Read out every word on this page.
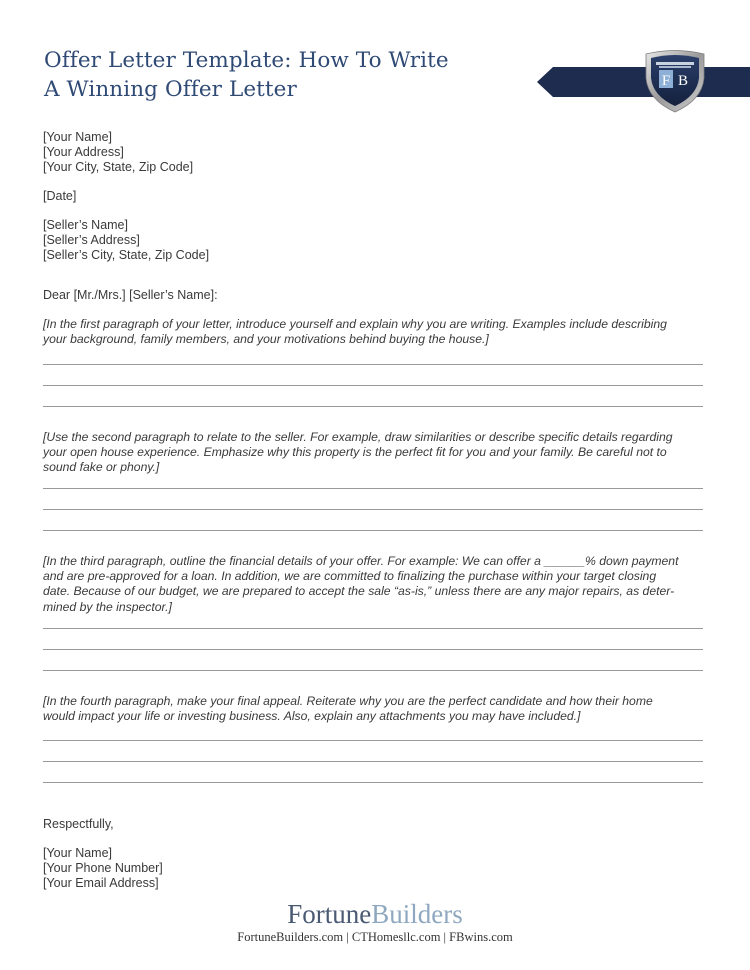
Offer Letter Template: How To Write
A Winning Offer Letter	F B
[Your Name]
[Your Address]
[Your City, State, Zip Code]
[Date]
[Seller’s Name]
[Seller’s Address]
[Seller’s City, State, Zip Code]
Dear [Mr./Mrs.] [Seller’s Name]:
[In the first paragraph of your letter, introduce yourself and explain why you are writing. Examples include describing
your background, family members, and your motivations behind buying the house.]
[Use the second paragraph to relate to the seller. For example, draw similarities or describe specific details regarding
your open house experience. Emphasize why this property is the perfect fit for you and your family. Be careful not to
sound fake or phony.]
[In the third paragraph, outline the financial details of your offer. For example: We can offer a ______% down payment
and are pre-approved for a loan. In addition, we are committed to finalizing the purchase within your target closing
date. Because of our budget, we are prepared to accept the sale “as-is,” unless there are any major repairs, as deter-
mined by the inspector.]
[In the fourth paragraph, make your final appeal. Reiterate why you are the perfect candidate and how their home
would impact your life or investing business. Also, explain any attachments you may have included.]
Respectfully,
[Your Name]
[Your Phone Number]
[Your Email Address]
FortuneBuilders
FortuneBuilders.com | CTHomesllc.com | FBwins.com
